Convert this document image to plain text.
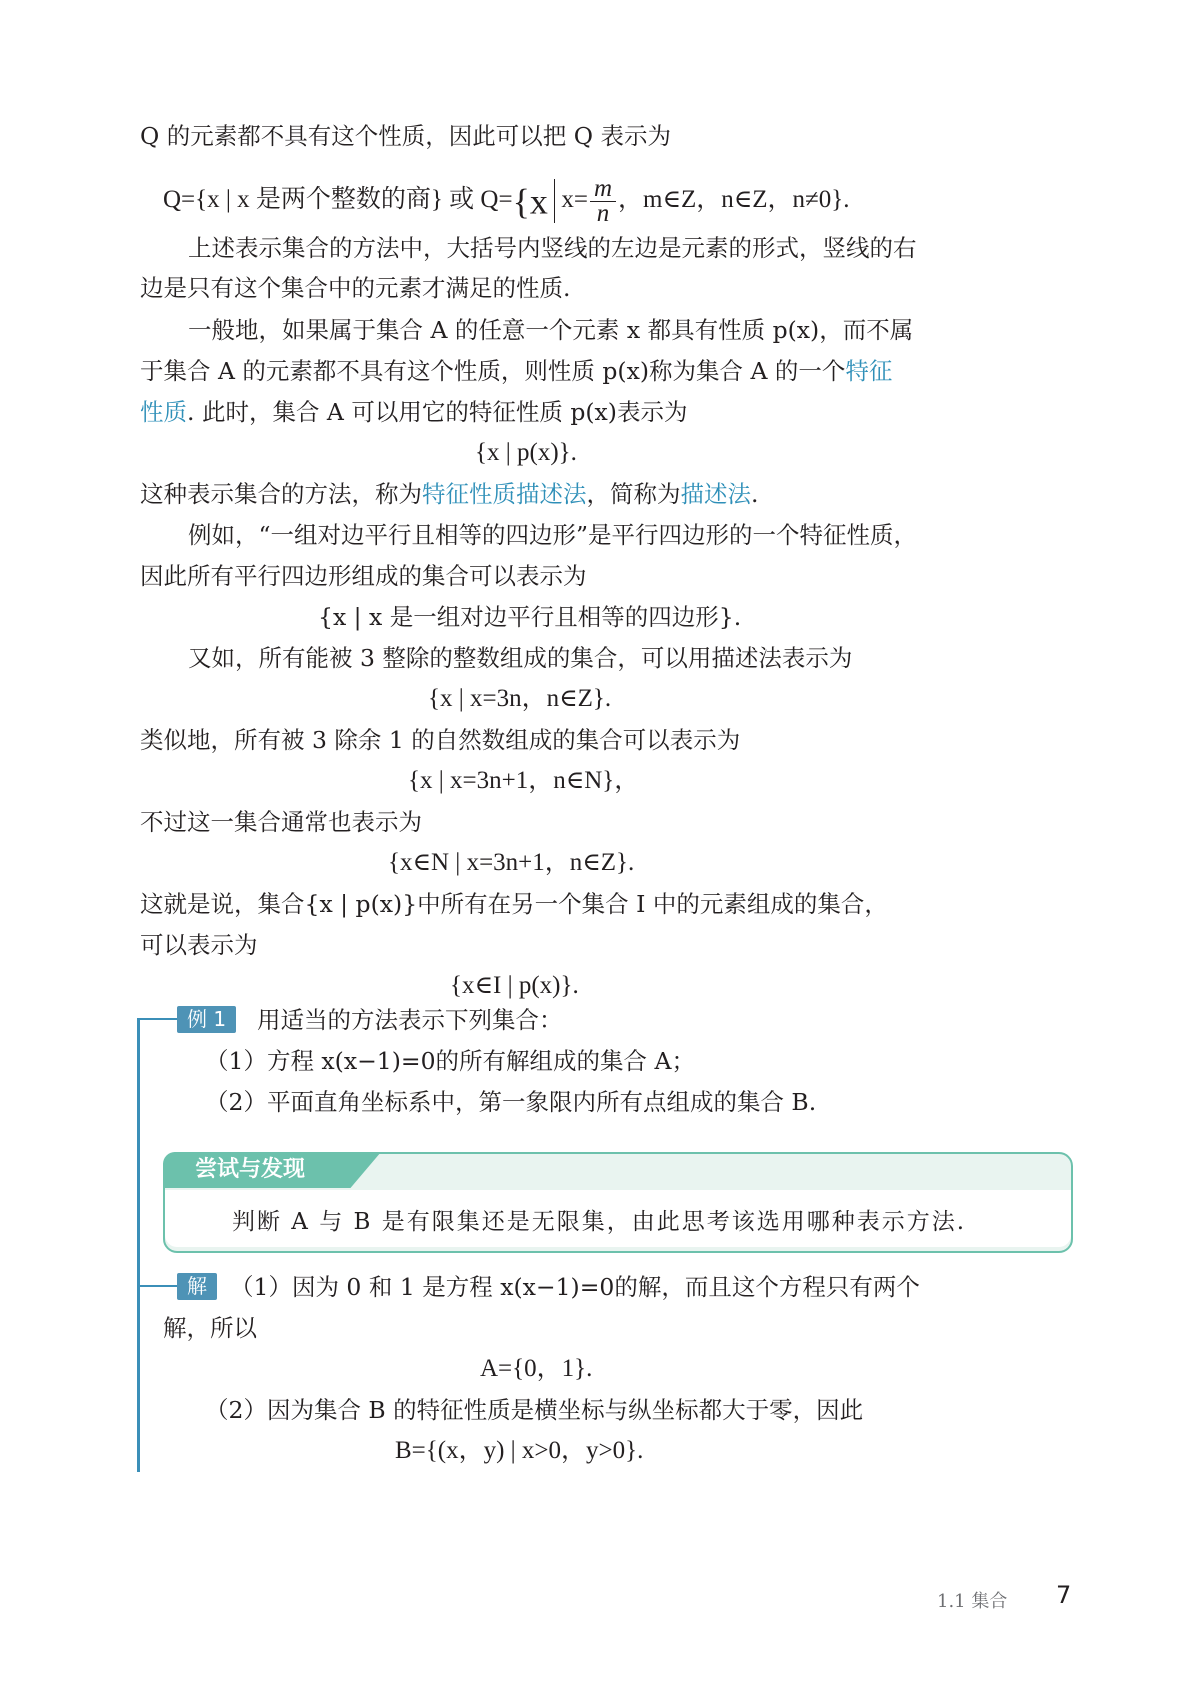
Q 的元素都不具有这个性质，因此可以把 Q 表示为
Q={x | x 是两个整数的商} 或 Q={x $x= \frac{m}{n}$ ，m∈Z，n∈Z，n≠0}.
上述表示集合的方法中，大括号内竖线的左边是元素的形式，竖线的右
边是只有这个集合中的元素才满足的性质.
一般地，如果属于集合 A 的任意一个元素 x 都具有性质 p(x)，而不属
于集合 A 的元素都不具有这个性质，则性质 p(x)称为集合 A 的一个特征
性质. 此时，集合 A 可以用它的特征性质 p(x)表示为
{x | p(x)}.
这种表示集合的方法，称为特征性质描述法，简称为描述法.
例如，“一组对边平行且相等的四边形”是平行四边形的一个特征性质，
因此所有平行四边形组成的集合可以表示为
{x | x 是一组对边平行且相等的四边形}.
又如，所有能被 3 整除的整数组成的集合，可以用描述法表示为
{x | x=3n，n∈Z}.
类似地，所有被 3 除余 1 的自然数组成的集合可以表示为
{x | x=3n+1，n∈N}，
不过这一集合通常也表示为
{x∈N | x=3n+1，n∈Z}.
这就是说，集合{x | p(x)}中所有在另一个集合 I 中的元素组成的集合，
可以表示为
{x∈I | p(x)}.
例 1	用适当的方法表示下列集合：
（1）方程 x(x−1)=0的所有解组成的集合 A；
（2）平面直角坐标系中，第一象限内所有点组成的集合 B.
尝试与发现
判断 A 与 B 是有限集还是无限集，由此思考该选用哪种表示方法.
解 （1）因为 0 和 1 是方程 x(x−1)=0的解，而且这个方程只有两个
解，所以
A={0，1}.
（2）因为集合 B 的特征性质是横坐标与纵坐标都大于零，因此
B={(x，y) | x>0，y>0}.
1.1 集合 7
